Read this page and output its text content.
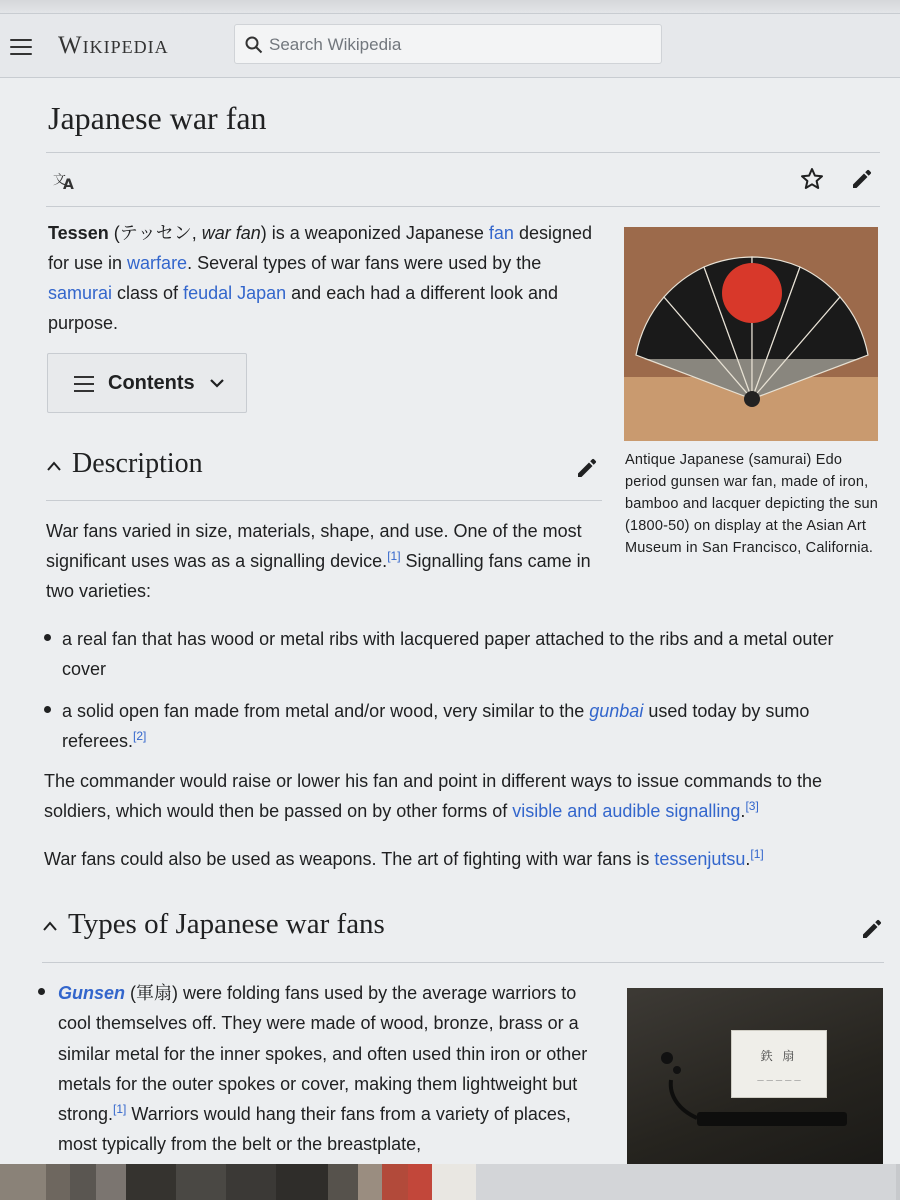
Wikipedia
Search Wikipedia
Japanese war fan
文
A
Tessen (テッセン, war fan) is a weaponized Japanese fan designed for use in warfare. Several types of war fans were used by the samurai class of feudal Japan and each had a different look and purpose.
Contents
Antique Japanese (samurai) Edo period gunsen war fan, made of iron, bamboo and lacquer depicting the sun (1800-50) on display at the Asian Art Museum in San Francisco, California.
Description
War fans varied in size, materials, shape, and use. One of the most significant uses was as a signalling device.[1] Signalling fans came in two varieties:
a real fan that has wood or metal ribs with lacquered paper attached to the ribs and a metal outer cover
a solid open fan made from metal and/or wood, very similar to the gunbai used today by sumo referees.[2]
The commander would raise or lower his fan and point in different ways to issue commands to the soldiers, which would then be passed on by other forms of visible and audible signalling.[3]
War fans could also be used as weapons. The art of fighting with war fans is tessenjutsu.[1]
Types of Japanese war fans
Gunsen (軍扇) were folding fans used by the average warriors to cool themselves off. They were made of wood, bronze, brass or a similar metal for the inner spokes, and often used thin iron or other metals for the outer spokes or cover, making them lightweight but strong.[1] Warriors would hang their fans from a variety of places, most typically from the belt or the breastplate,
鉄 扇
— — — — —
